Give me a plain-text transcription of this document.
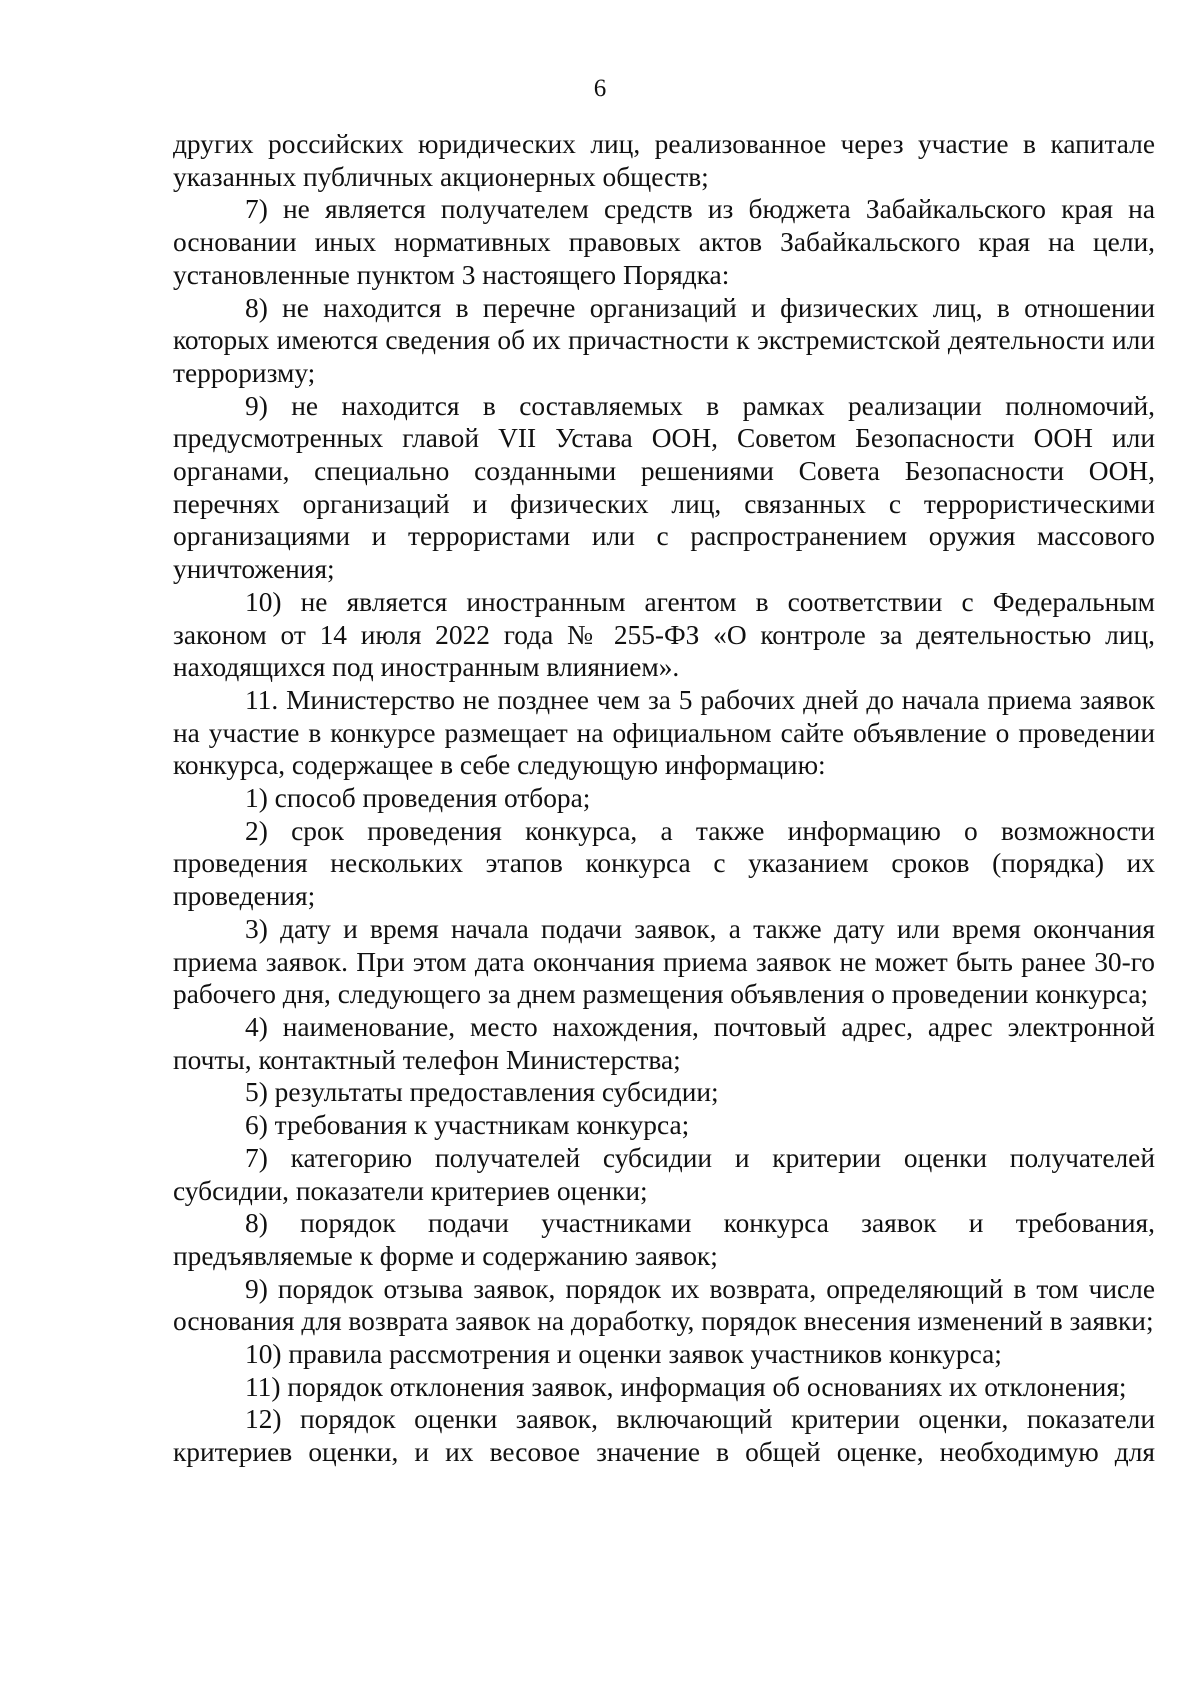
6

других российских юридических лиц, реализованное через участие в капитале указанных публичных акционерных обществ;

7) не является получателем средств из бюджета Забайкальского края на основании иных нормативных правовых актов Забайкальского края на цели, установленные пунктом 3 настоящего Порядка:

8) не находится в перечне организаций и физических лиц, в отношении которых имеются сведения об их причастности к экстремистской деятельности или терроризму;

9) не находится в составляемых в рамках реализации полномочий, предусмотренных главой VII Устава ООН, Советом Безопасности ООН или органами, специально созданными решениями Совета Безопасности ООН, перечнях организаций и физических лиц, связанных с террористическими организациями и террористами или с распространением оружия массового уничтожения;

10) не является иностранным агентом в соответствии с Федеральным законом от 14 июля 2022 года № 255-ФЗ «О контроле за деятельностью лиц, находящихся под иностранным влиянием».

11. Министерство не позднее чем за 5 рабочих дней до начала приема заявок на участие в конкурсе размещает на официальном сайте объявление о проведении конкурса, содержащее в себе следующую информацию:

1) способ проведения отбора;

2) срок проведения конкурса, а также информацию о возможности проведения нескольких этапов конкурса с указанием сроков (порядка) их проведения;

3) дату и время начала подачи заявок, а также дату или время окончания приема заявок. При этом дата окончания приема заявок не может быть ранее 30-го рабочего дня, следующего за днем размещения объявления о проведении конкурса;

4) наименование, место нахождения, почтовый адрес, адрес электронной почты, контактный телефон Министерства;

5) результаты предоставления субсидии;

6) требования к участникам конкурса;

7) категорию получателей субсидии и критерии оценки получателей субсидии, показатели критериев оценки;

8) порядок подачи участниками конкурса заявок и требования, предъявляемые к форме и содержанию заявок;

9) порядок отзыва заявок, порядок их возврата, определяющий в том числе основания для возврата заявок на доработку, порядок внесения изменений в заявки;

10) правила рассмотрения и оценки заявок участников конкурса;

11) порядок отклонения заявок, информация об основаниях их отклонения;

12) порядок оценки заявок, включающий критерии оценки, показатели критериев оценки, и их весовое значение в общей оценке, необходимую для
